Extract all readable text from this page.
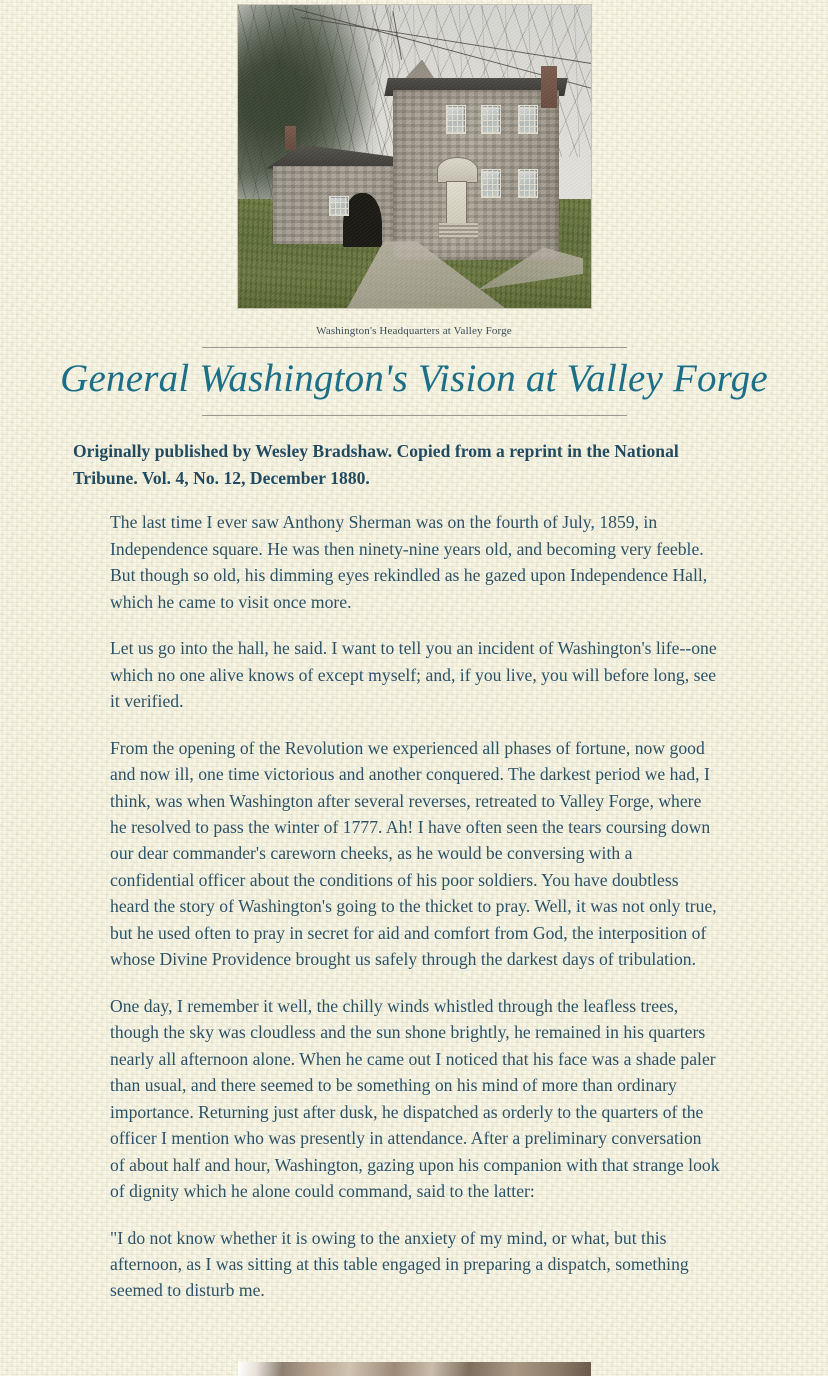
Washington's Headquarters at Valley Forge
General Washington's Vision at Valley Forge

Originally published by Wesley Bradshaw. Copied from a reprint in the National Tribune. Vol. 4, No. 12, December 1880.

The last time I ever saw Anthony Sherman was on the fourth of July, 1859, in Independence square. He was then ninety-nine years old, and becoming very feeble. But though so old, his dimming eyes rekindled as he gazed upon Independence Hall, which he came to visit once more.

Let us go into the hall, he said. I want to tell you an incident of Washington's life--one which no one alive knows of except myself; and, if you live, you will before long, see it verified.

From the opening of the Revolution we experienced all phases of fortune, now good and now ill, one time victorious and another conquered. The darkest period we had, I think, was when Washington after several reverses, retreated to Valley Forge, where he resolved to pass the winter of 1777. Ah! I have often seen the tears coursing down our dear commander's careworn cheeks, as he would be conversing with a confidential officer about the conditions of his poor soldiers. You have doubtless heard the story of Washington's going to the thicket to pray. Well, it was not only true, but he used often to pray in secret for aid and comfort from God, the interposition of whose Divine Providence brought us safely through the darkest days of tribulation.

One day, I remember it well, the chilly winds whistled through the leafless trees, though the sky was cloudless and the sun shone brightly, he remained in his quarters nearly all afternoon alone. When he came out I noticed that his face was a shade paler than usual, and there seemed to be something on his mind of more than ordinary importance. Returning just after dusk, he dispatched as orderly to the quarters of the officer I mention who was presently in attendance. After a preliminary conversation of about half and hour, Washington, gazing upon his companion with that strange look of dignity which he alone could command, said to the latter:

"I do not know whether it is owing to the anxiety of my mind, or what, but this afternoon, as I was sitting at this table engaged in preparing a dispatch, something seemed to disturb me.
